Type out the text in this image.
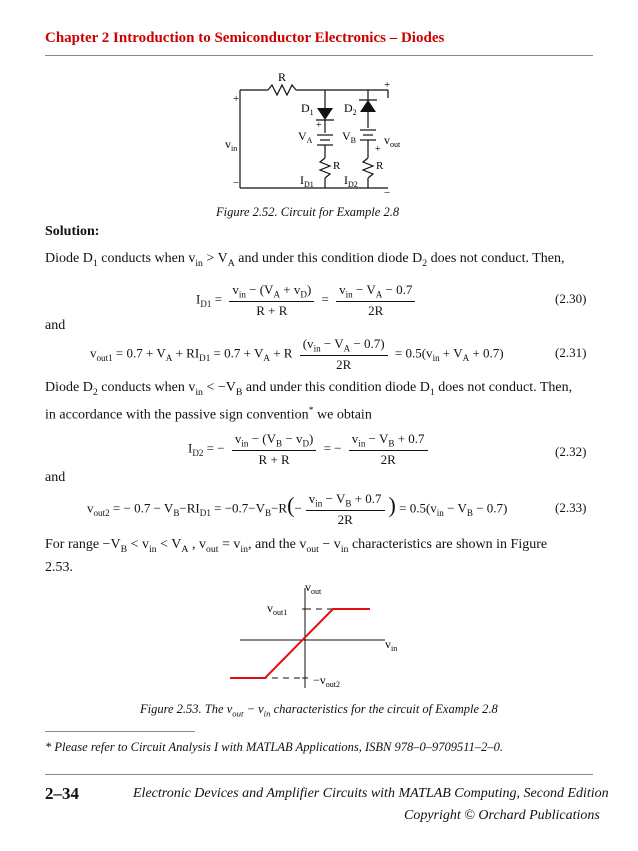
Chapter 2 Introduction to Semiconductor Electronics – Diodes
R
$D_1$	$D_2$
$V_A$ $V_B$
$v_{in}$
$v_{out}$
R	R
$I_{D1}$	$I_{D2}$
+
−
+
−
+
+
Figure 2.52. Circuit for Example 2.8
Solution:
Diode $D_1$ conducts when $v_{in} > V_A$ and under this condition diode $D_2$ does not conduct. Then,
$I_{D1} = \frac{v_{in} - (V_A + v_D)}{R + R} = \frac{v_{in} - V_A - 0.7}{2R}$	(2.30)
and
$v_{out1} = 0.7 + V_A + RI_{D1} = 0.7 + V_A + R \frac{(v_{in} - V_A - 0.7)}{2R} = 0.5(v_{in} + V_A + 0.7)$	(2.31)
Diode $D_2$ conducts when $v_{in} < -V_B$ and under this condition diode $D_1$ does not conduct. Then,
in accordance with the passive sign convention* we obtain
$I_{D2}$ = − $\frac{v_{in} - (V_B - v_D)}{R + R}$ = − $\frac{v_{in} - V_B + 0.7}{2R}$	(2.32)
and
$v_{out2}$ = − $0.7 - V_B-RI_{D1} = -0.7-V_B-R(- \frac{v_{in} - V_B + 0.7}{2R}$ ) = $0.5(v_{in} - V_B - 0.7)$	(2.33)
For range $-V_B < v_{in} < V_A$ , $v_{out} = v_{in}$, and the $v_{out} - v_{in}$ characteristics are shown in Figure
2.53.
$v_{out}$
$v_{out1}$
$-v_{out2}$
$v_{in}$
Figure 2.53. The $v_{out} - v_{in}$ characteristics for the circuit of Example 2.8
* Please refer to Circuit Analysis I with MATLAB Applications, ISBN 978–0–9709511–2–0.
2–34	Electronic Devices and Amplifier Circuits with MATLAB Computing, Second Edition
Copyright © Orchard Publications
